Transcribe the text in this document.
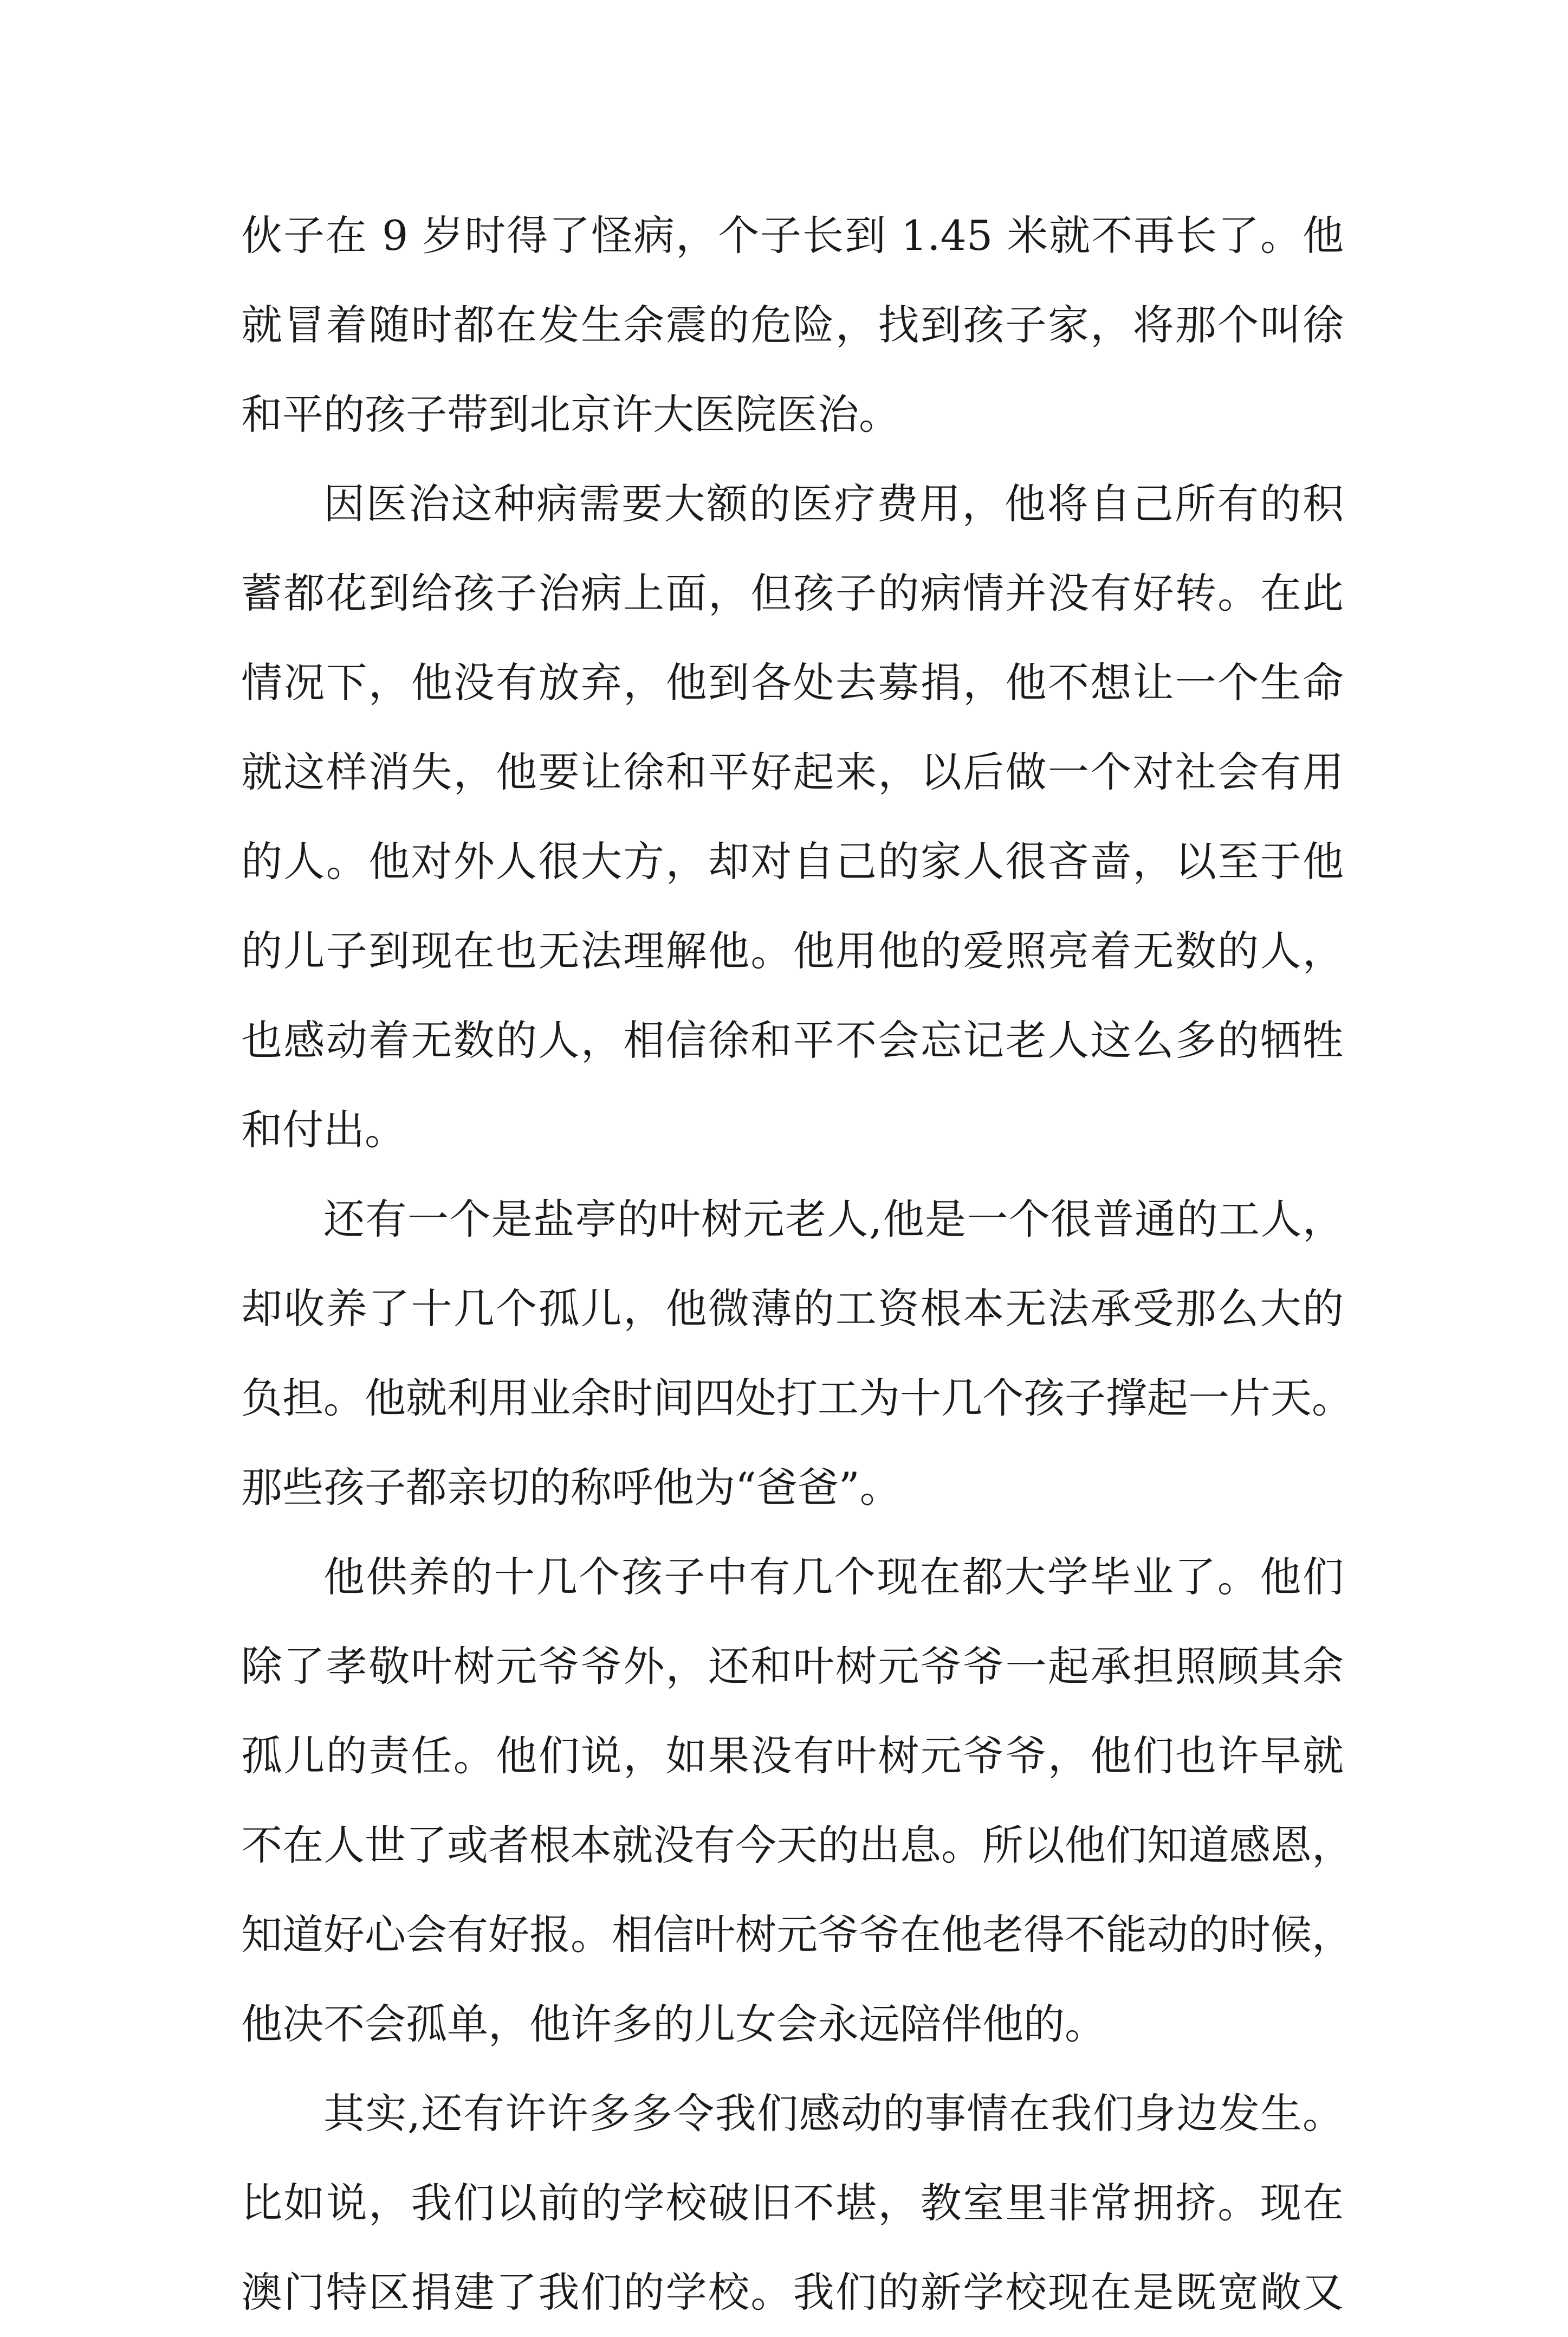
伙子在 9 岁时得了怪病，个子长到 1.45 米就不再长了。他
就冒着随时都在发生余震的危险，找到孩子家，将那个叫徐
和平的孩子带到北京许大医院医治。

因医治这种病需要大额的医疗费用，他将自己所有的积
蓄都花到给孩子治病上面，但孩子的病情并没有好转。在此
情况下，他没有放弃，他到各处去募捐，他不想让一个生命
就这样消失，他要让徐和平好起来，以后做一个对社会有用
的人。他对外人很大方，却对自己的家人很吝啬，以至于他
的儿子到现在也无法理解他。他用他的爱照亮着无数的人，
也感动着无数的人，相信徐和平不会忘记老人这么多的牺牲
和付出。

还有一个是盐亭的叶树元老人,他是一个很普通的工人，
却收养了十几个孤儿，他微薄的工资根本无法承受那么大的
负担。他就利用业余时间四处打工为十几个孩子撑起一片天。
那些孩子都亲切的称呼他为“爸爸”。

他供养的十几个孩子中有几个现在都大学毕业了。他们
除了孝敬叶树元爷爷外，还和叶树元爷爷一起承担照顾其余
孤儿的责任。他们说，如果没有叶树元爷爷，他们也许早就
不在人世了或者根本就没有今天的出息。所以他们知道感恩，
知道好心会有好报。相信叶树元爷爷在他老得不能动的时候，
他决不会孤单，他许多的儿女会永远陪伴他的。

其实,还有许许多多令我们感动的事情在我们身边发生。
比如说，我们以前的学校破旧不堪，教室里非常拥挤。现在
澳门特区捐建了我们的学校。我们的新学校现在是既宽敞又
